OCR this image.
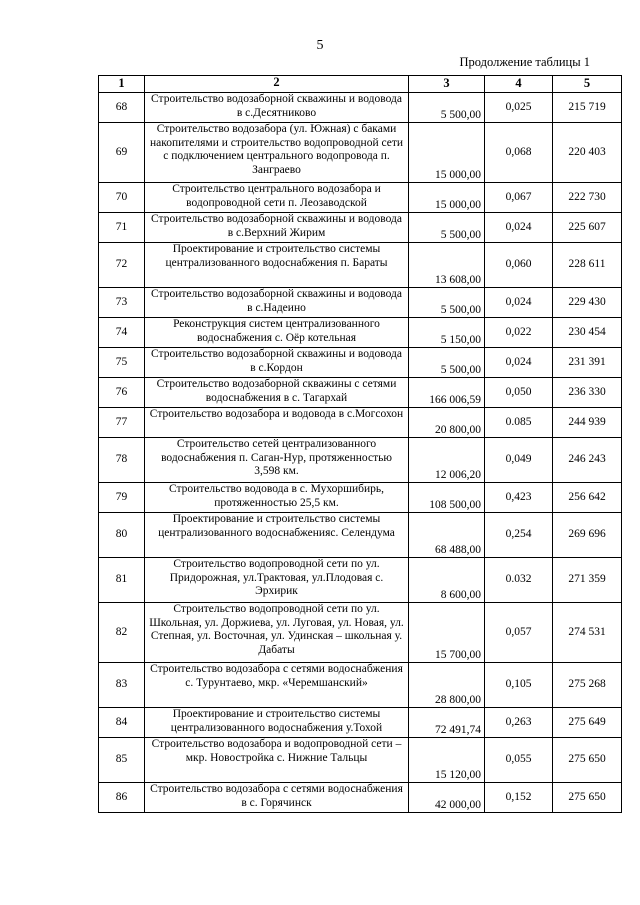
5
Продолжение таблицы 1
1	2	3	4	5
68	Строительство водозаборной скважины и водовода в с.Десятниково	5 500,00	0,025	215 719
69	Строительство водозабора (ул. Южная) с баками накопителями и строительство водопроводной сети с подключением центрального водопровода п. Занграево	15 000,00	0,068	220 403
70	Строительство центрального водозабора и водопроводной сети п. Леозаводской	15 000,00	0,067	222 730
71	Строительство водозаборной скважины и водовода в с.Верхний Жирим	5 500,00	0,024	225 607
72	Проектирование и строительство системы централизованного водоснабжения п. Бараты	13 608,00	0,060	228 611
73	Строительство водозаборной скважины и водовода в с.Надеино	5 500,00	0,024	229 430
74	Реконструкция систем централизованного водоснабжения с. Оёр котельная	5 150,00	0,022	230 454
75	Строительство водозаборной скважины и водовода в с.Кордон	5 500,00	0,024	231 391
76	Строительство водозаборной скважины с сетями водоснабжения в с. Тагархай	166 006,59	0,050	236 330
77	Строительство водозабора и водовода в с.Могсохон	20 800,00	0.085	244 939
78	Строительство сетей централизованного водоснабжения п. Саган-Нур, протяженностью 3,598 км.	12 006,20	0,049	246 243
79	Строительство водовода в с. Мухоршибирь, протяженностью 25,5 км.	108 500,00	0,423	256 642
80	Проектирование и строительство системы централизованного водоснабженияс. Селендума	68 488,00	0,254	269 696
81	Строительство водопроводной сети по ул. Придорожная, ул.Трактовая, ул.Плодовая с. Эрхирик	8 600,00	0.032	271 359
82	Строительство водопроводной сети по ул. Школьная, ул. Доржиева, ул. Луговая, ул. Новая, ул. Степная, ул. Восточная, ул. Удинская – школьная у. Дабаты	15 700,00	0,057	274 531
83	Строительство водозабора с сетями водоснабжения с. Турунтаево, мкр. «Черемшанский»	28 800,00	0,105	275 268
84	Проектирование и строительство системы централизованного водоснабжения у.Тохой	72 491,74	0,263	275 649
85	Строительство водозабора и водопроводной сети – мкр. Новостройка с. Нижние Тальцы	15 120,00	0,055	275 650
86	Строительство водозабора с сетями водоснабжения в с. Горячинск	42 000,00	0,152	275 650
